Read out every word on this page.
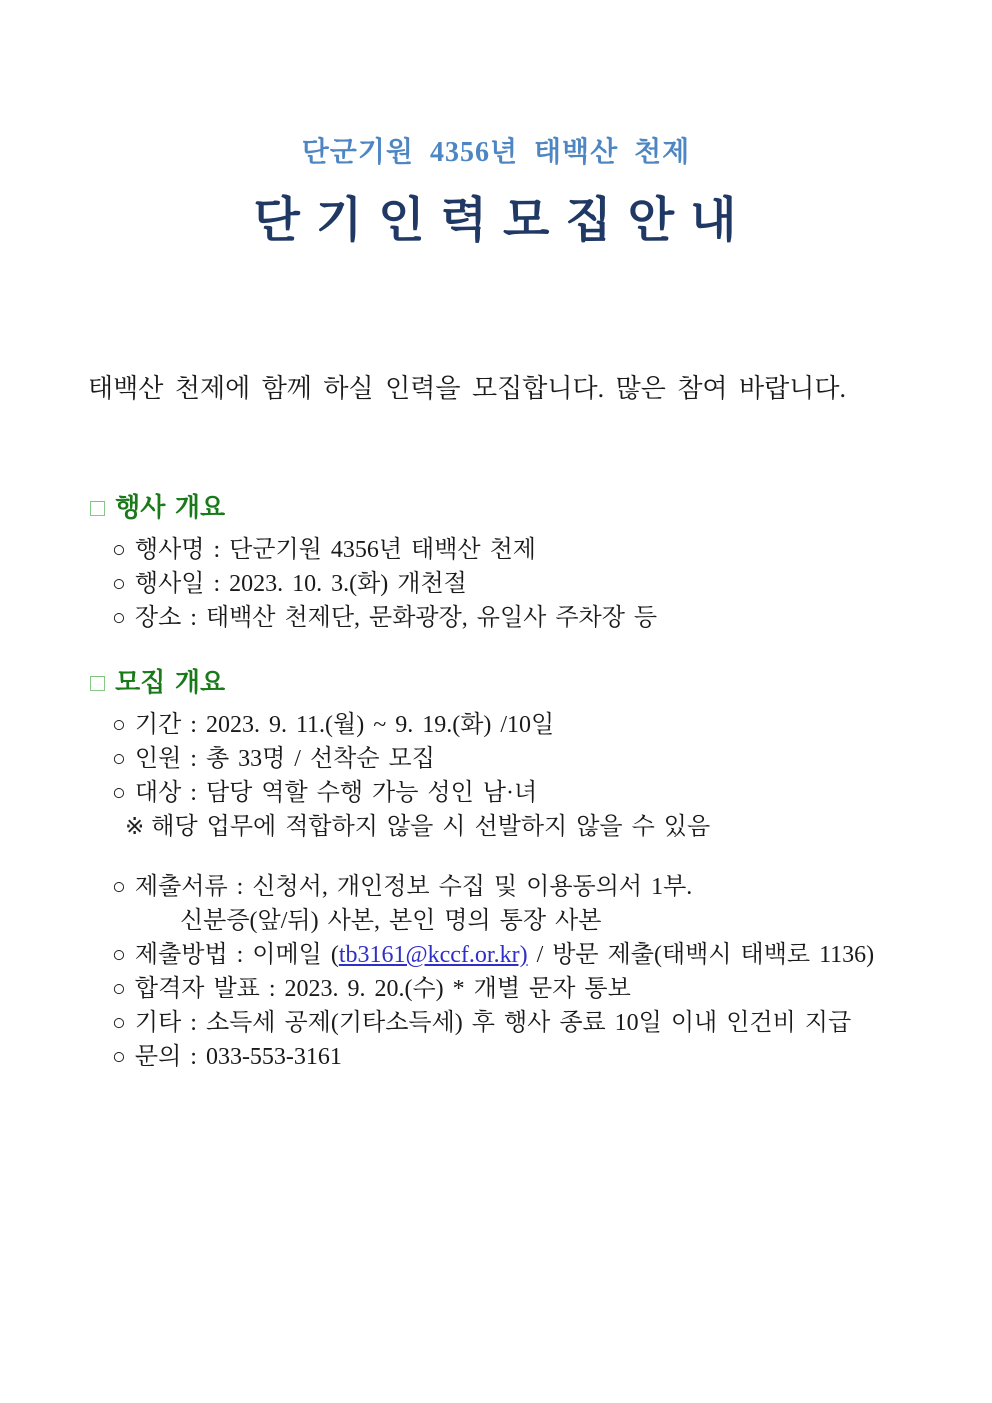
단군기원 4356년 태백산 천제
단 기 인 력 모 집 안 내

태백산 천제에 함께 하실 인력을 모집합니다. 많은 참여 바랍니다.

□ 행사 개요
○ 행사명 : 단군기원 4356년 태백산 천제
○ 행사일 : 2023. 10. 3.(화) 개천절
○ 장소 : 태백산 천제단, 문화광장, 유일사 주차장 등
□ 모집 개요
○ 기간 : 2023. 9. 11.(월) ~ 9. 19.(화) /10일
○ 인원 : 총 33명 / 선착순 모집
○ 대상 : 담당 역할 수행 가능 성인 남·녀
※ 해당 업무에 적합하지 않을 시 선발하지 않을 수 있음
○ 제출서류 : 신청서, 개인정보 수집 및 이용동의서 1부.
신분증(앞/뒤) 사본, 본인 명의 통장 사본
○ 제출방법 : 이메일 (tb3161@kccf.or.kr) / 방문 제출(태백시 태백로 1136)
○ 합격자 발표 : 2023. 9. 20.(수) * 개별 문자 통보
○ 기타 : 소득세 공제(기타소득세) 후 행사 종료 10일 이내 인건비 지급
○ 문의 : 033-553-3161
